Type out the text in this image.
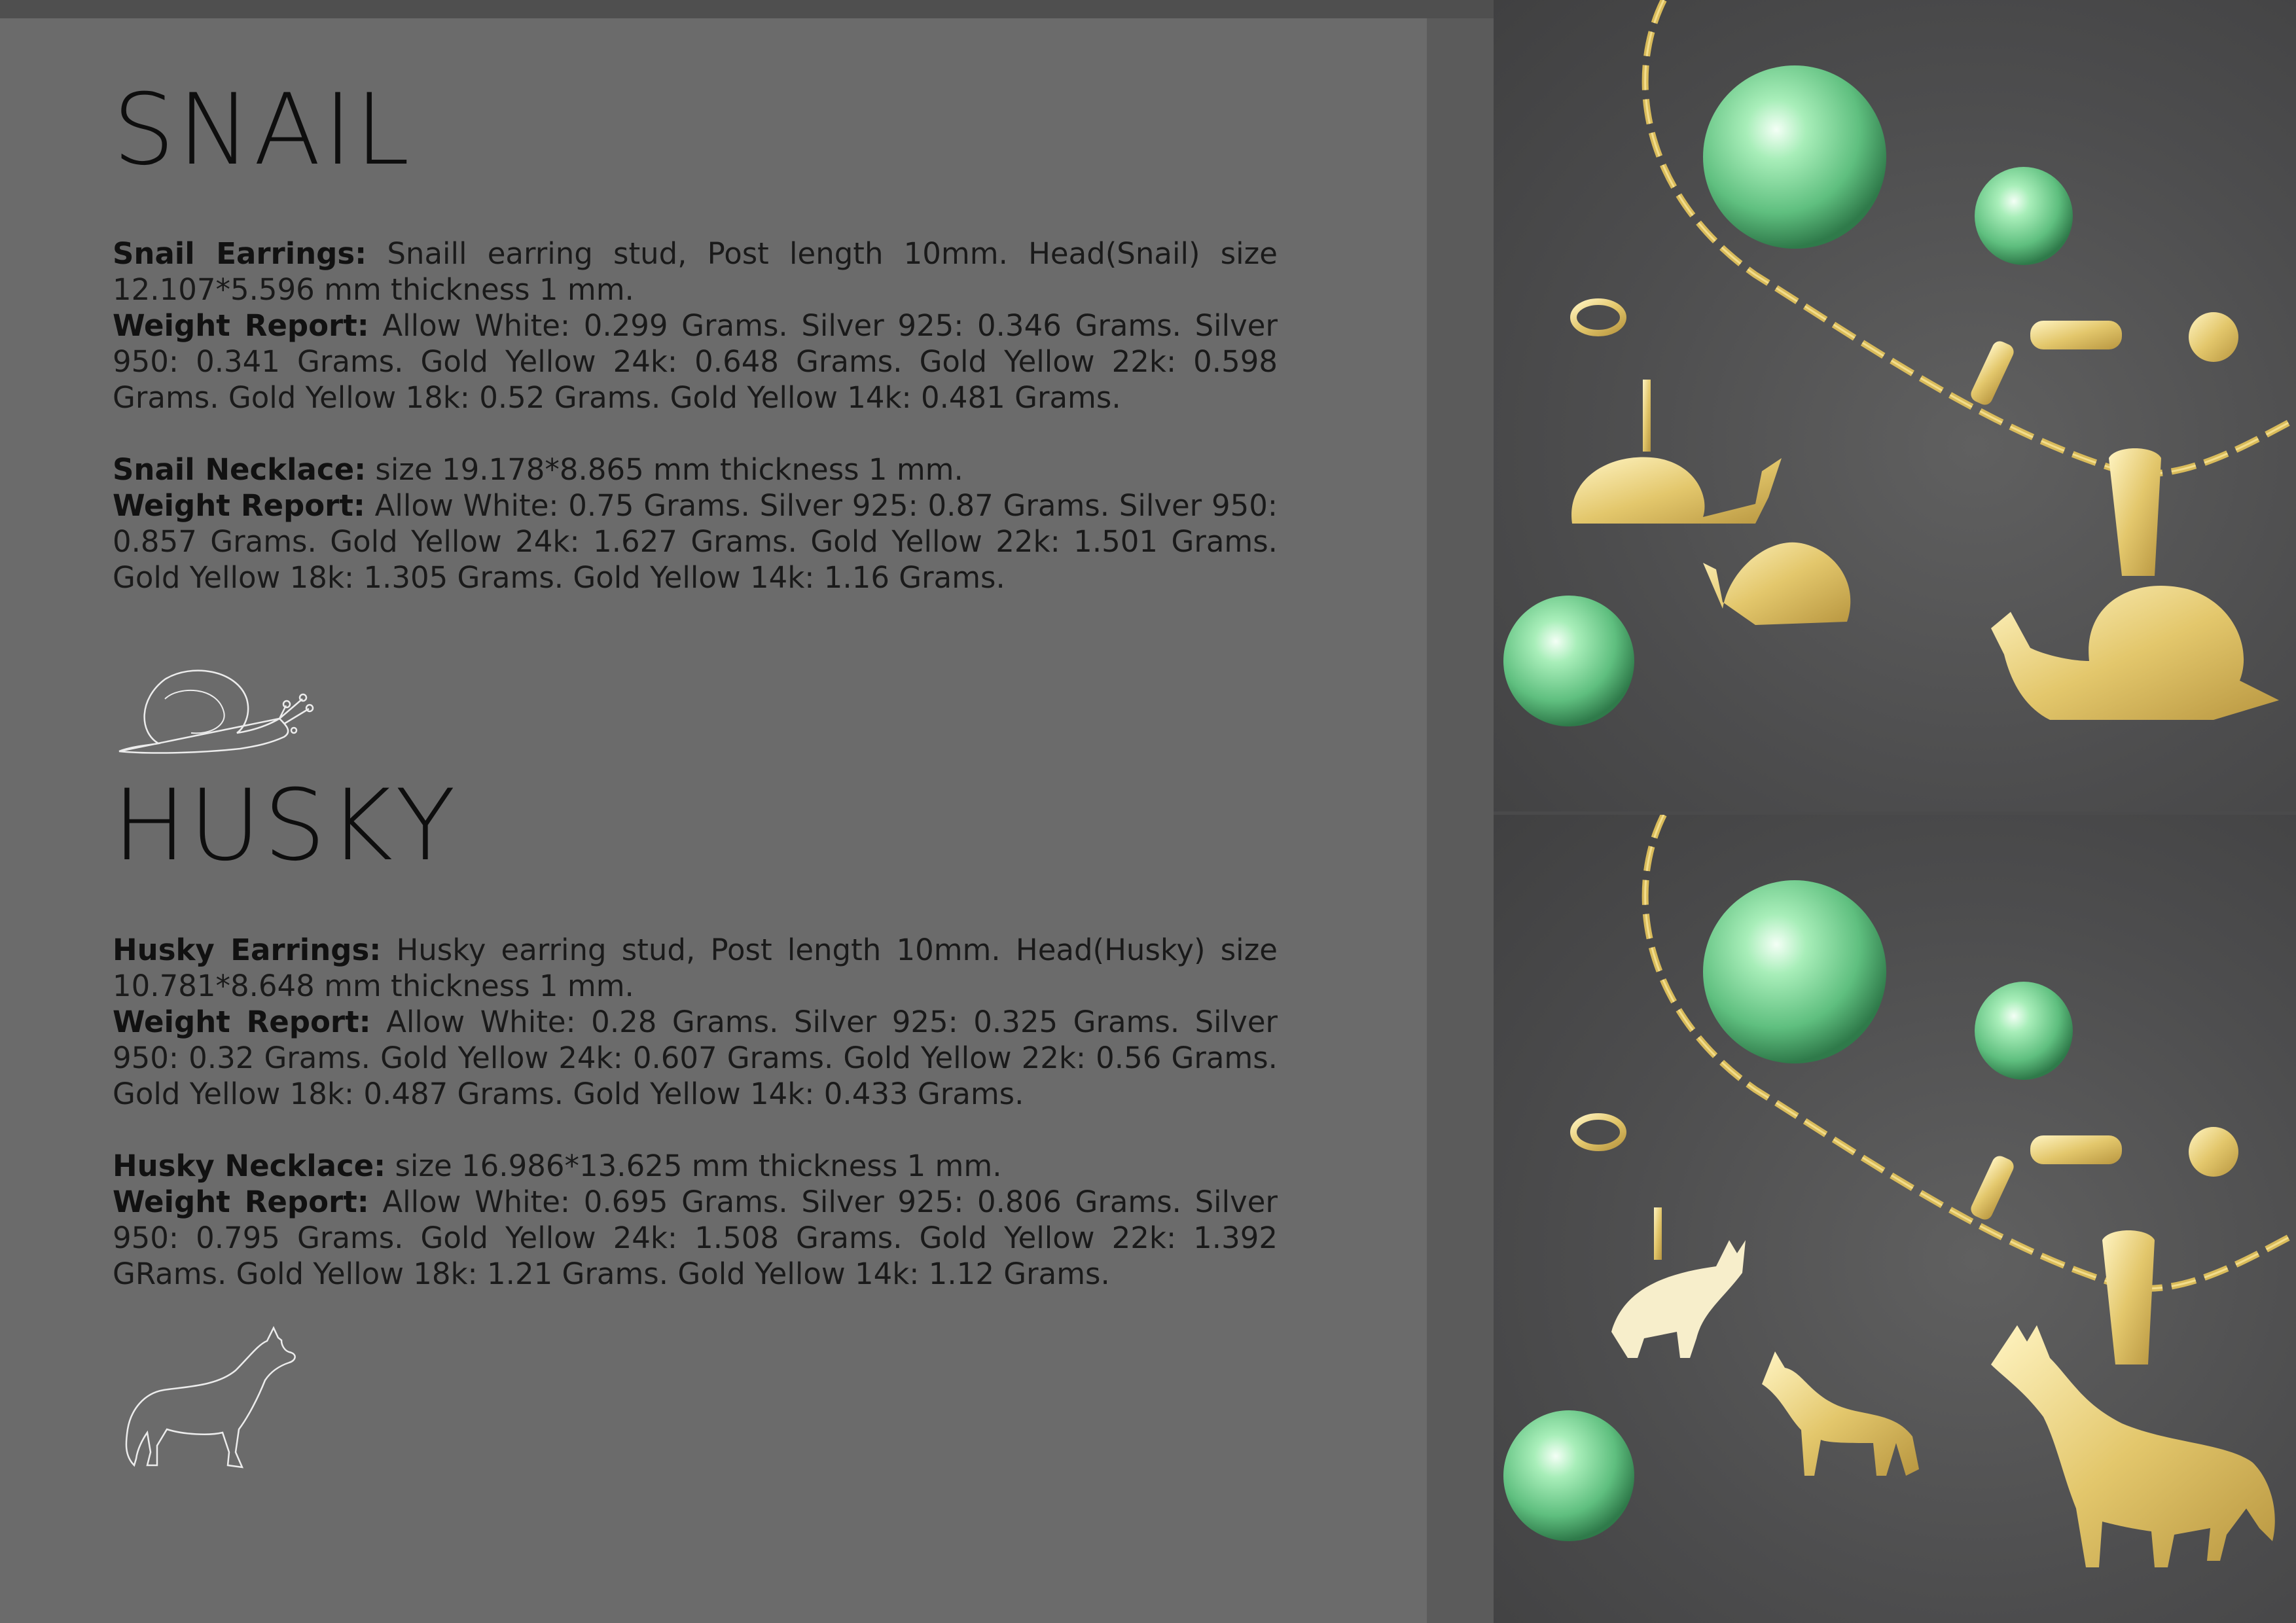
SNAIL

Snail Earrings: Snaill earring stud, Post length 10mm. Head(Snail) size 12.107*5.596 mm thickness 1 mm.
Weight Report: Allow White: 0.299 Grams. Silver 925: 0.346 Grams. Silver 950: 0.341 Grams. Gold Yellow 24k: 0.648 Grams. Gold Yellow 22k: 0.598 Grams. Gold Yellow 18k: 0.52 Grams. Gold Yellow 14k: 0.481 Grams.

Snail Necklace: size 19.178*8.865 mm thickness 1 mm.
Weight Report: Allow White: 0.75 Grams. Silver 925: 0.87 Grams. Silver 950: 0.857 Grams. Gold Yellow 24k: 1.627 Grams. Gold Yellow 22k: 1.501 Grams. Gold Yellow 18k: 1.305 Grams. Gold Yellow 14k: 1.16 Grams.

HUSKY

Husky Earrings: Husky earring stud, Post length 10mm. Head(Husky) size 10.781*8.648 mm thickness 1 mm.
Weight Report: Allow White: 0.28 Grams. Silver 925: 0.325 Grams. Silver 950: 0.32 Grams. Gold Yellow 24k: 0.607 Grams. Gold Yellow 22k: 0.56 Grams. Gold Yellow 18k: 0.487 Grams. Gold Yellow 14k: 0.433 Grams.

Husky Necklace: size 16.986*13.625 mm thickness 1 mm.
Weight Report: Allow White: 0.695 Grams. Silver 925: 0.806 Grams. Silver 950: 0.795 Grams. Gold Yellow 24k: 1.508 Grams. Gold Yellow 22k: 1.392 GRams. Gold Yellow 18k: 1.21 Grams. Gold Yellow 14k: 1.12 Grams.
